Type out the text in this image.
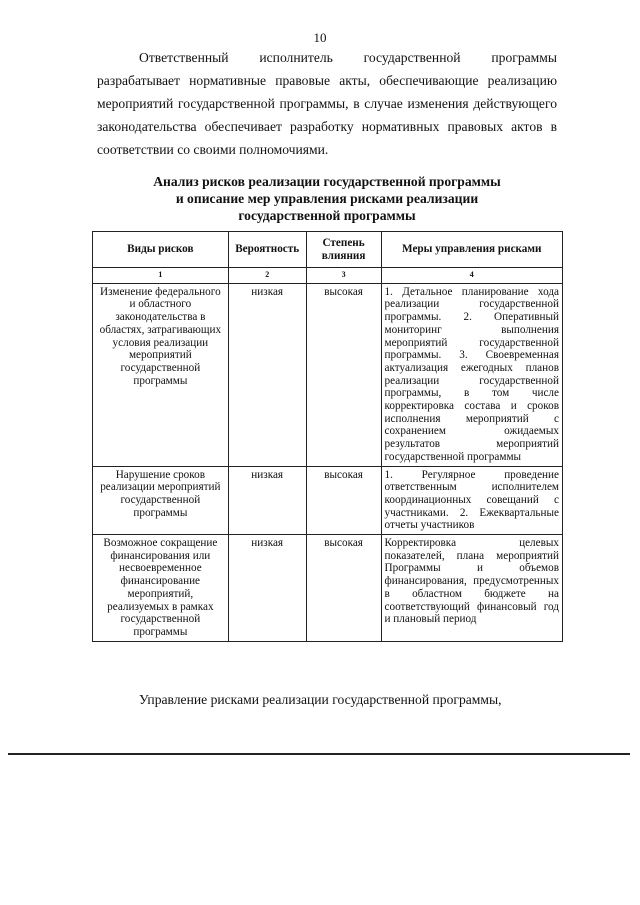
10
Ответственный исполнитель государственной программы разрабатывает нормативные правовые акты, обеспечивающие реализацию мероприятий государственной программы, в случае изменения действующего законодательства обеспечивает разработку нормативных правовых актов в соответствии со своими полномочиями.
Анализ рисков реализации государственной программы
и описание мер управления рисками реализации
государственной программы
Виды рисков	Вероятность	Степень влияния	Меры управления рисками
1	2	3	4
Изменение федерального и областного законодательства в областях, затрагивающих условия реализации мероприятий государственной программы	низкая	высокая	1. Детальное планирование хода реализации государственной программы. 2. Оперативный мониторинг выполнения мероприятий государственной программы. 3. Своевременная актуализация ежегодных планов реализации государственной программы, в том числе корректировка состава и сроков исполнения мероприятий с сохранением ожидаемых результатов мероприятий государственной программы
Нарушение сроков реализации мероприятий государственной программы	низкая	высокая	1. Регулярное проведение ответственным исполнителем координационных совещаний с участниками. 2. Ежеквартальные отчеты участников
Возможное сокращение финансирования или несвоевременное финансирование мероприятий, реализуемых в рамках государственной программы	низкая	высокая	Корректировка целевых показателей, плана мероприятий Программы и объемов финансирования, предусмотренных в областном бюджете на соответствующий финансовый год и плановый период
Управление рисками реализации государственной программы,
